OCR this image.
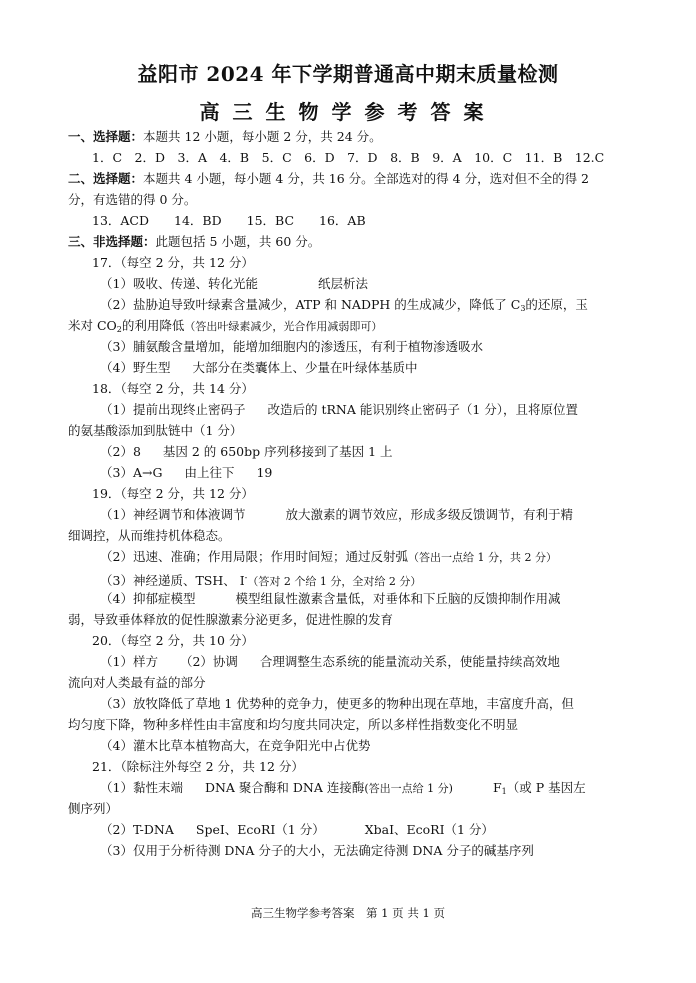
益阳市 2024 年下学期普通高中期末质量检测
高三生物学参考答案
一、选择题：本题共 12 小题，每小题 2 分，共 24 分。
1．C　2．D　3．A　4．B　5．C　6．D　7．D　8．B　9．A　10．C　11．B　12.C
二、选择题：本题共 4 小题，每小题 4 分，共 16 分。全部选对的得 4 分，选对但不全的得 2
分，有选错的得 0 分。
13．ACD　　14．BD　　15．BC　　16．AB
三、非选择题：此题包括 5 小题，共 60 分。
17．（每空 2 分，共 12 分）
（1）吸收、传递、转化光能	纸层析法
（2）盐胁迫导致叶绿素含量减少，ATP 和 NADPH 的生成减少，降低了 $C_3$的还原，玉
米对 $CO_2$的利用降低（答出叶绿素减少，光合作用减弱即可）
（3）脯氨酸含量增加，能增加细胞内的渗透压，有利于植物渗透吸水
（4）野生型 大部分在类囊体上、少量在叶绿体基质中
18．（每空 2 分，共 14 分）
（1）提前出现终止密码子 改造后的 tRNA 能识别终止密码子（1 分），且将原位置
的氨基酸添加到肽链中（1 分）
（2）8 基因 2 的 650bp 序列移接到了基因 1 上
（3）A→G 由上往下 19
19．（每空 2 分，共 12 分）
（1）神经调节和体液调节	放大激素的调节效应，形成多级反馈调节，有利于精
细调控，从而维持机体稳态。
（2）迅速、准确；作用局限；作用时间短；通过反射弧（答出一点给 1 分，共 2 分）
（3）神经递质、TSH、 I-（答对 2 个给 1 分，全对给 2 分）
（4）抑郁症模型	模型组鼠性激素含量低，对垂体和下丘脑的反馈抑制作用减
弱，导致垂体释放的促性腺激素分泌更多，促进性腺的发育
20．（每空 2 分，共 10 分）
（1）样方 （2）协调 合理调整生态系统的能量流动关系，使能量持续高效地
流向对人类最有益的部分
（3）放牧降低了草地 1 优势种的竞争力，使更多的物种出现在草地，丰富度升高，但
均匀度下降，物种多样性由丰富度和均匀度共同决定，所以多样性指数变化不明显
（4）灌木比草本植物高大，在竞争阳光中占优势
21．（除标注外每空 2 分，共 12 分）
（1）黏性末端 DNA 聚合酶和 DNA 连接酶(答出一点给 1 分)	$F_1$（或 P 基因左
侧序列）
（2）T-DNA SpeI、EcoRI（1 分）	XbaI、EcoRI（1 分）
（3）仅用于分析待测 DNA 分子的大小，无法确定待测 DNA 分子的碱基序列
高三生物学参考答案　第 1 页 共 1 页
